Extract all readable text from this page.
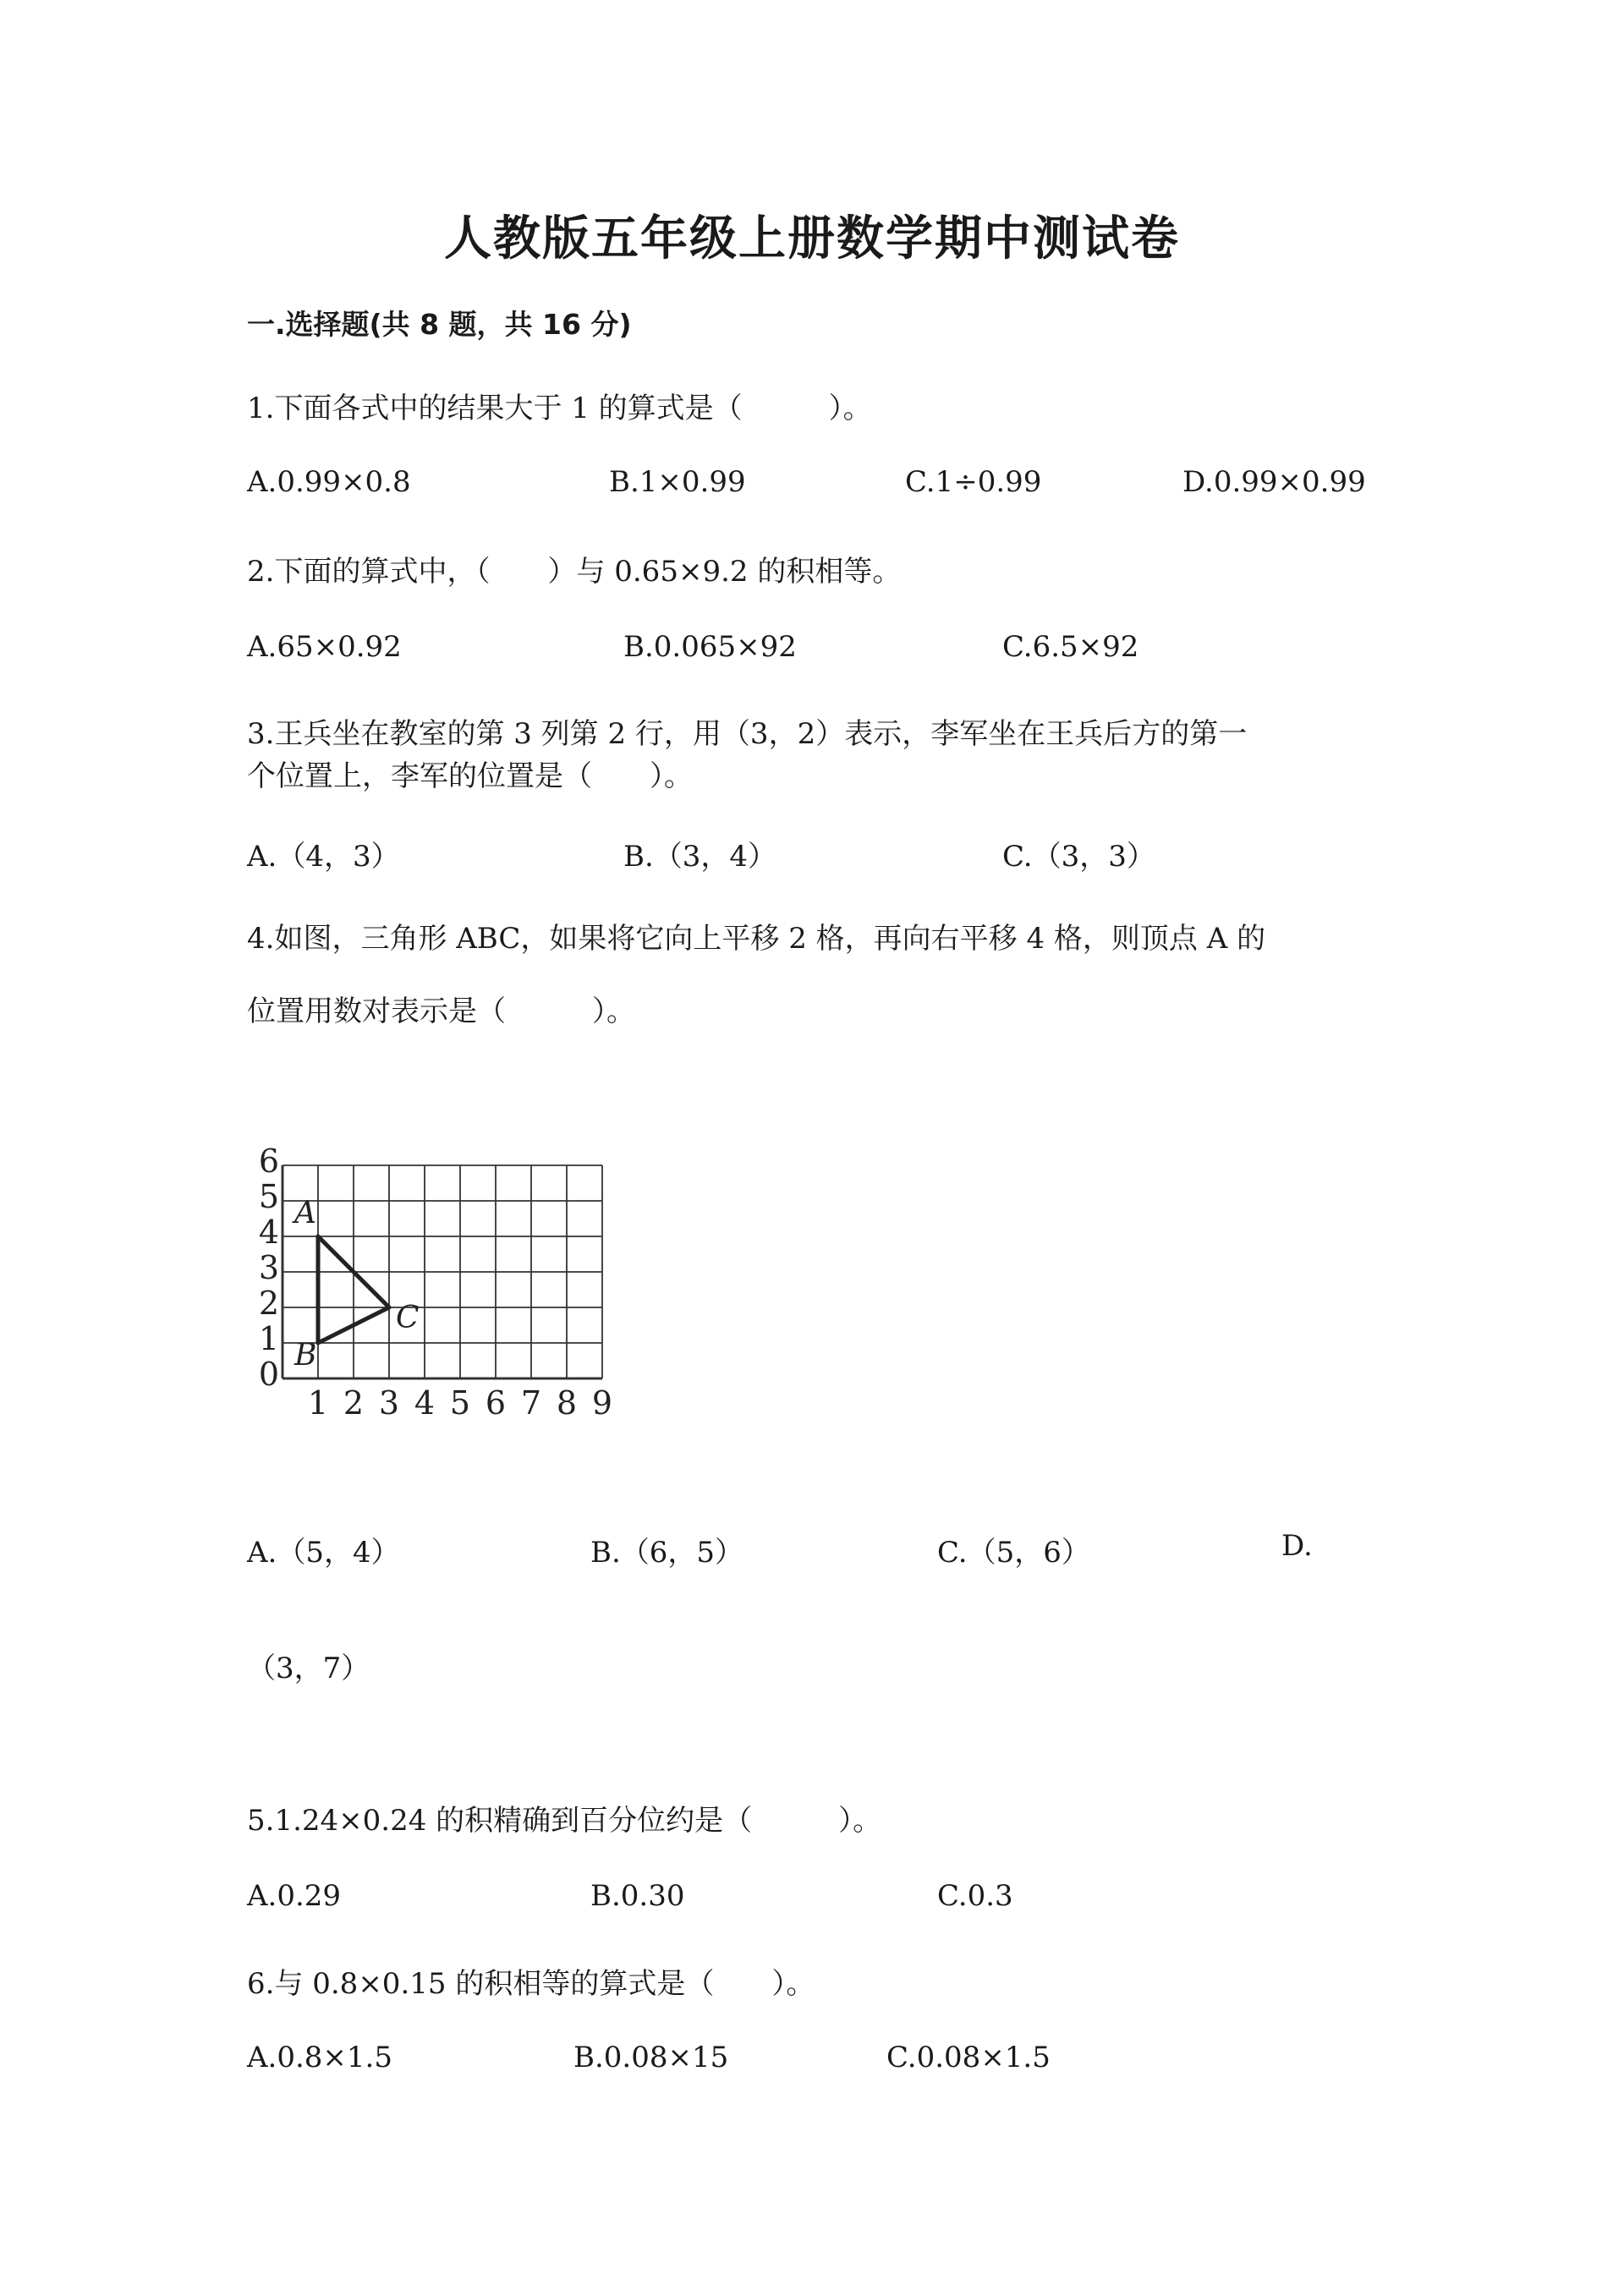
人教版五年级上册数学期中测试卷
一.选择题(共 8 题，共 16 分)
1.下面各式中的结果大于 1 的算式是（　　　）。
A.0.99×0.8	B.1×0.99	C.1÷0.99	D.0.99×0.99
2.下面的算式中，（　　）与 0.65×9.2 的积相等。
A.65×0.92	B.0.065×92	C.6.5×92
3.王兵坐在教室的第 3 列第 2 行，用（3，2）表示，李军坐在王兵后方的第一
个位置上，李军的位置是（　　）。
A.（4，3）	B.（3，4）	C.（3，3）
4.如图，三角形 ABC，如果将它向上平移 2 格，再向右平移 4 格，则顶点 A 的
位置用数对表示是（　　　）。
0
1
2
3
4
5
6
1 2 3 4 5 6 7 8 9
A
B
C
A.（5，4）	B.（6，5）	C.（5，6）	D.
（3，7）
5.1.24×0.24 的积精确到百分位约是（　　　）。
A.0.29	B.0.30	C.0.3
6.与 0.8×0.15 的积相等的算式是（　　）。
A.0.8×1.5	B.0.08×15	C.0.08×1.5
